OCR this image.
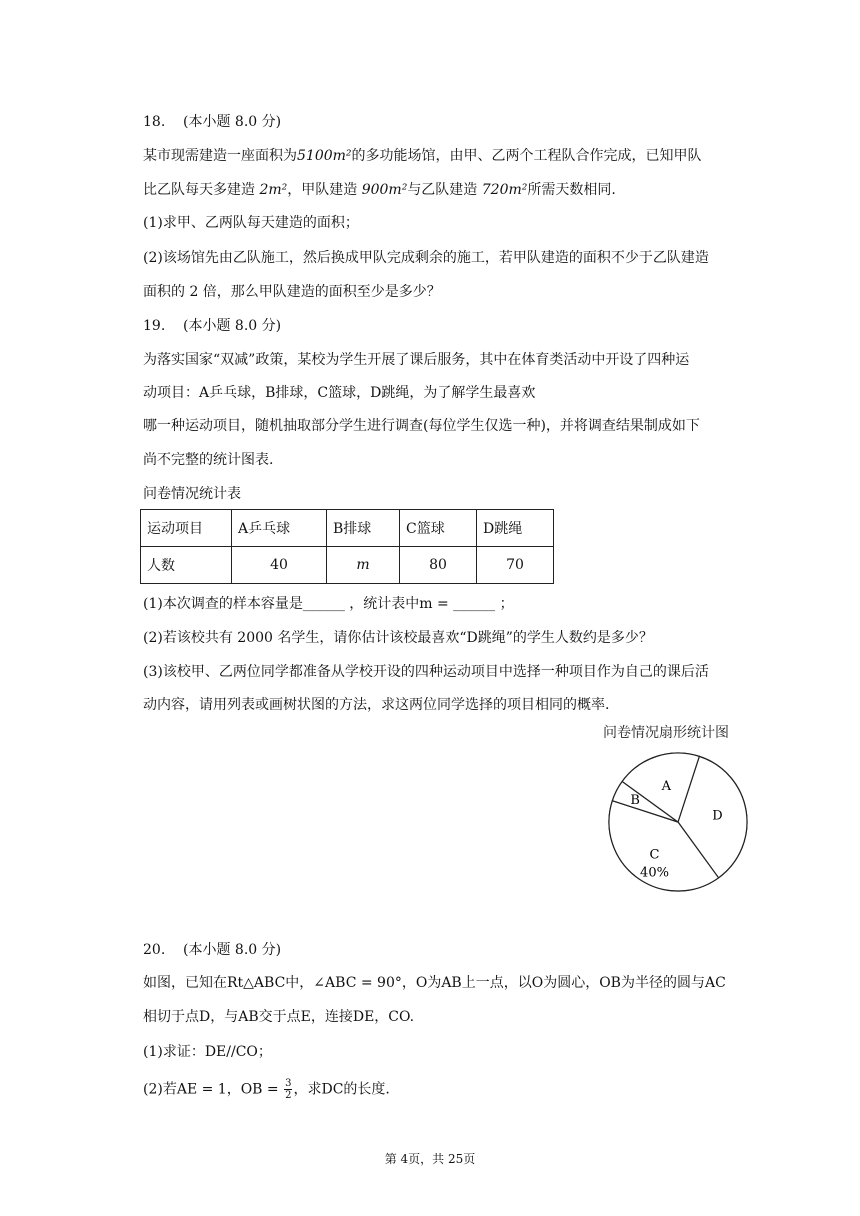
18. (本小题 8.0 分)
某市现需建造一座面积为5100m²的多功能场馆，由甲、乙两个工程队合作完成，已知甲队
比乙队每天多建造 2m²，甲队建造 900m²与乙队建造 720m²所需天数相同.
(1)求甲、乙两队每天建造的面积；
(2)该场馆先由乙队施工，然后换成甲队完成剩余的施工，若甲队建造的面积不少于乙队建造
面积的 2 倍，那么甲队建造的面积至少是多少？
19. (本小题 8.0 分)
为落实国家“双减”政策，某校为学生开展了课后服务，其中在体育类活动中开设了四种运
动项目：A乒乓球，B排球，C篮球，D跳绳，为了解学生最喜欢
哪一种运动项目，随机抽取部分学生进行调查(每位学生仅选一种)，并将调查结果制成如下
尚不完整的统计图表.
问卷情况统计表
运动项目	A乒乓球	B排球	C篮球	D跳绳
人数	40	m	80	70
(1)本次调查的样本容量是______ ，统计表中m = ______ ；
(2)若该校共有 2000 名学生，请你估计该校最喜欢“D跳绳”的学生人数约是多少？
(3)该校甲、乙两位同学都准备从学校开设的四种运动项目中选择一种项目作为自己的课后活
动内容，请用列表或画树状图的方法，求这两位同学选择的项目相同的概率.
问卷情况扇形统计图
A
B
C
D
40%
20. (本小题 8.0 分)
如图，已知在Rt△ABC中，∠ABC = 90°，O为AB上一点，以O为圆心，OB为半径的圆与AC
相切于点D，与AB交于点E，连接DE，CO.
(1)求证：DE//CO；
(2)若AE = 1，OB = $\frac{3}{2}$ ，求DC的长度.
第 4页，共 25页
